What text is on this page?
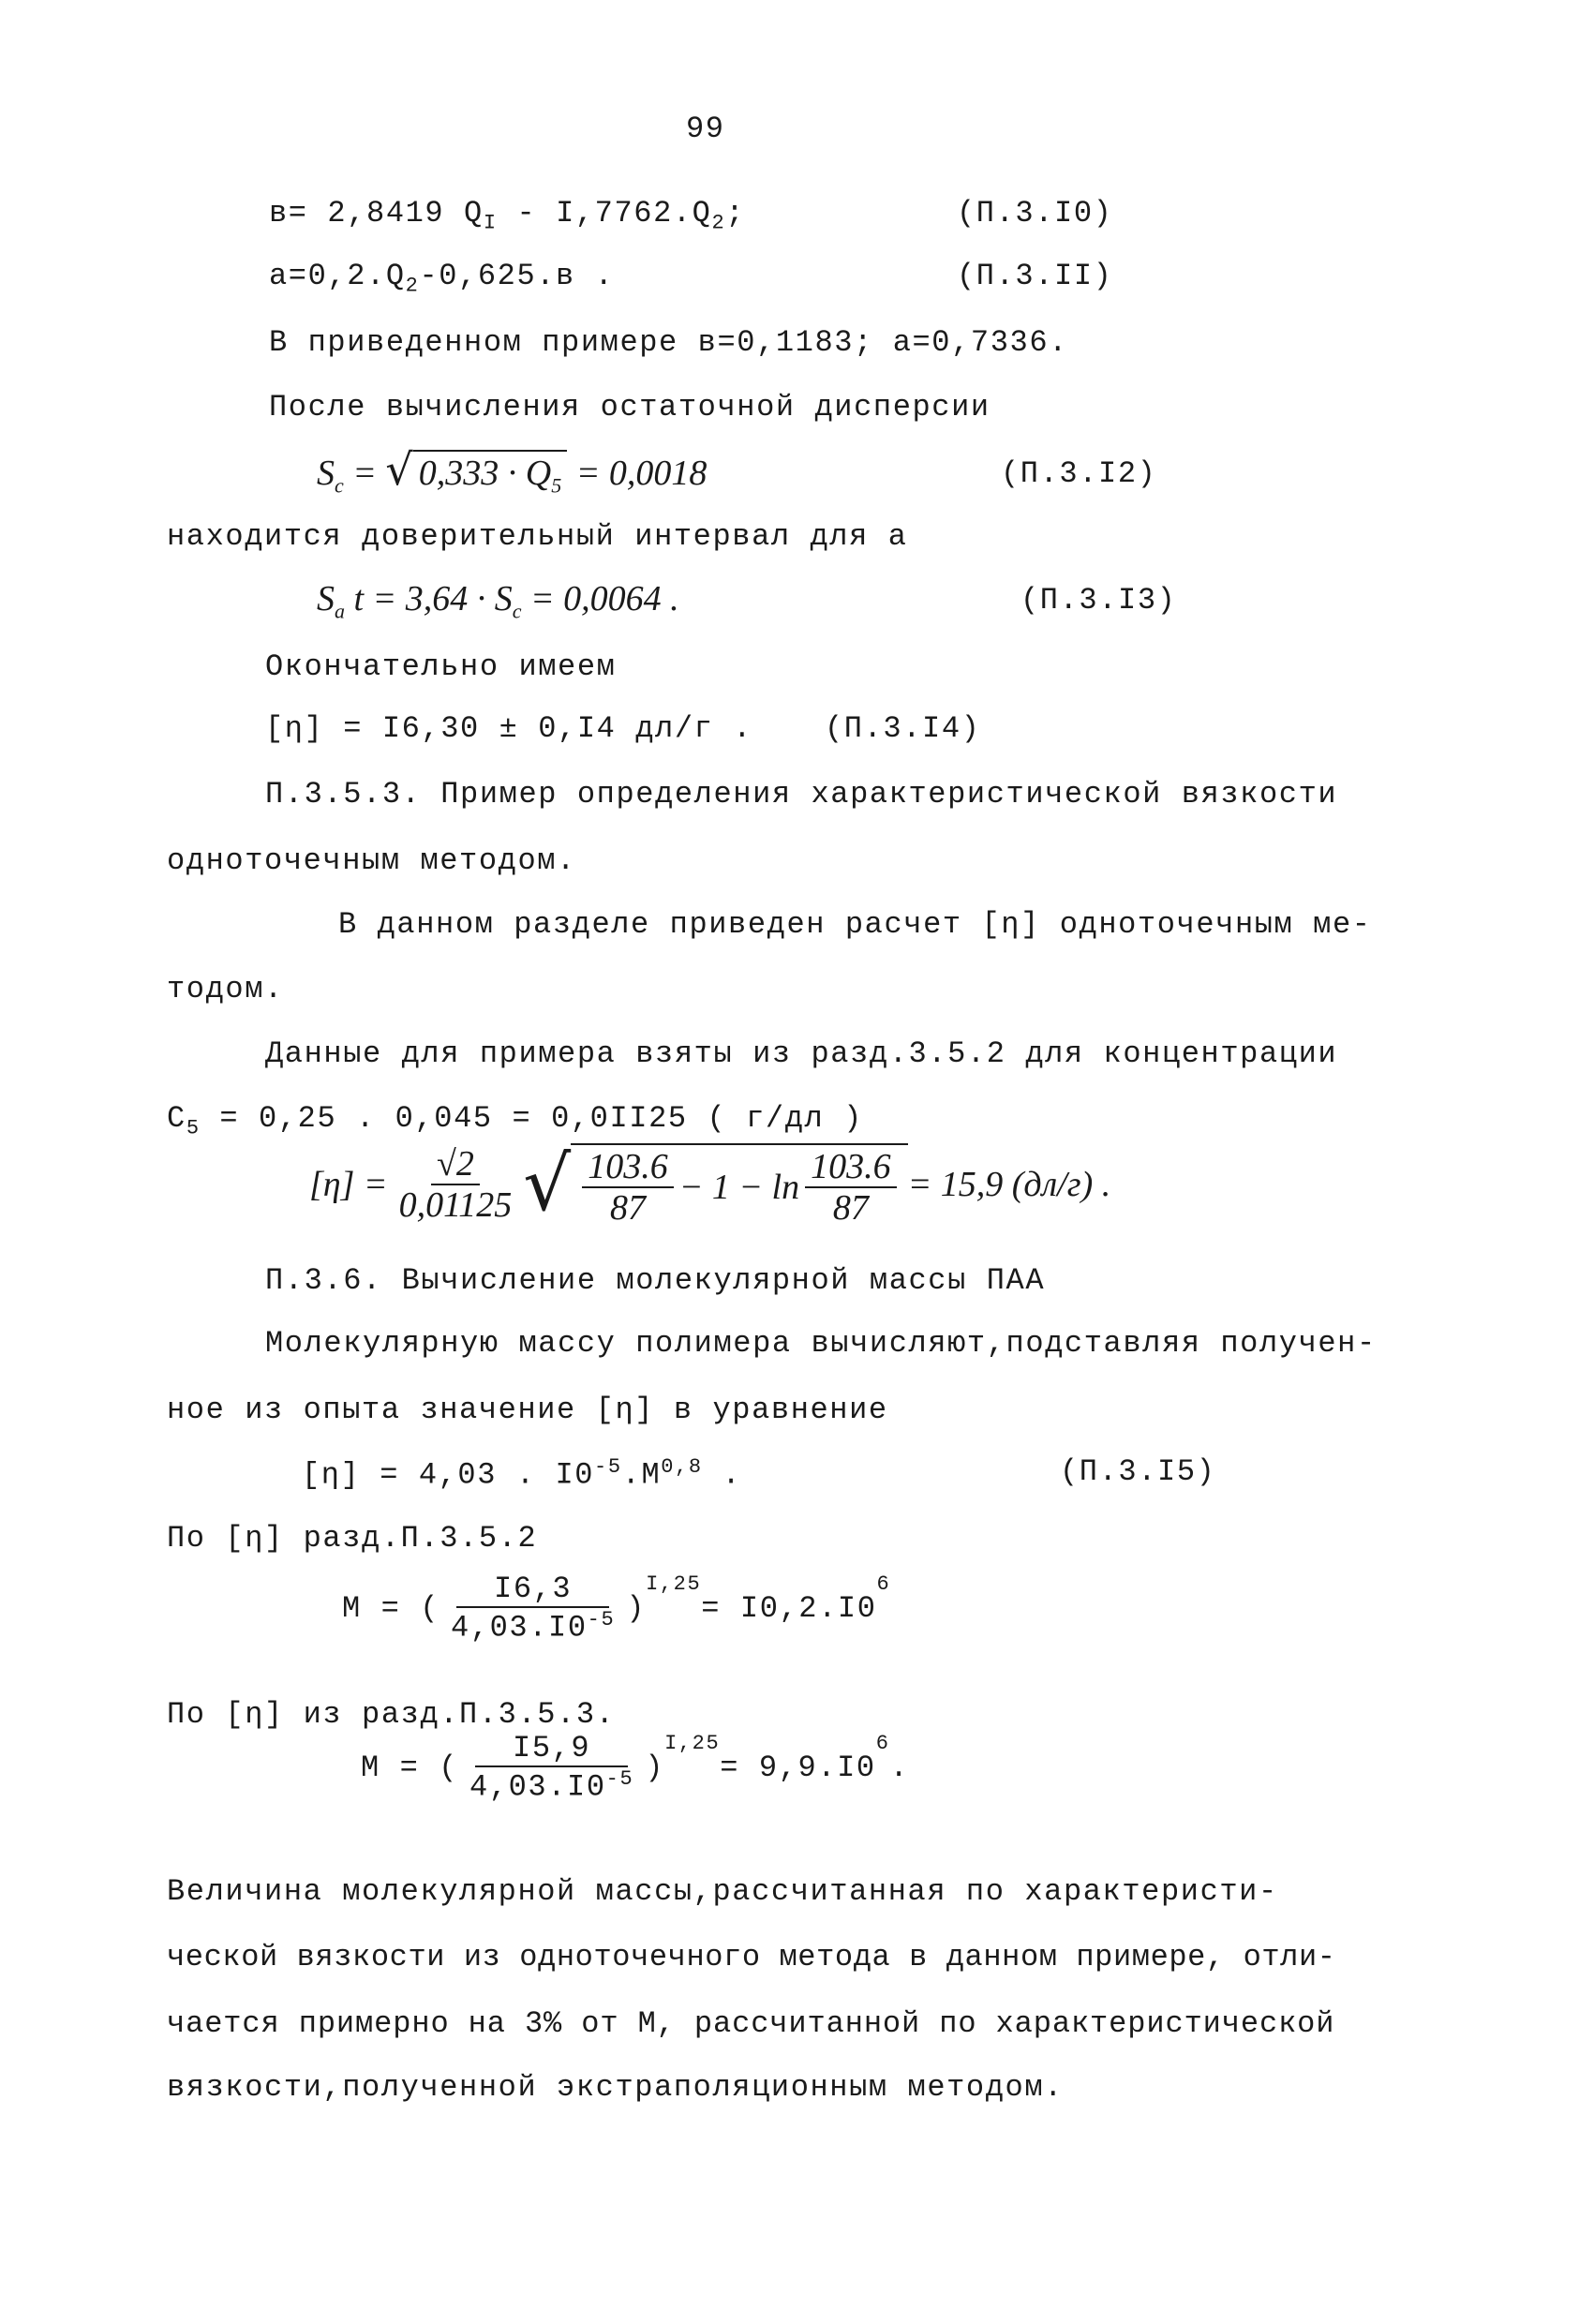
99
в= 2,8419 $Q_I - I,7762.Q_2$;	(П.3.I0)
$а=0,2.Q_2-0,625.в$ .	(П.3.II)
В приведенном примере в=0,1183; а=0,7336.
После вычисления остаточной дисперсии
$S_c$ = √ $0,333 \cdot Q_5 = 0,0018$	(П.3.I2)
находится доверительный интервал для а
$S_a$ $t = 3,64 \cdot S_c = 0,0064$ .	(П.3.I3)
Окончательно имеем
[η] = I6,30 ± 0,I4 дл/г . (П.3.I4)
П.3.5.3. Пример определения характеристической вязкости
одноточечным методом.
В данном разделе приведен расчет [η] одноточечным ме-
тодом.
Данные для примера взяты из разд.3.5.2 для концентрации
$C_5 = 0,25$ . 0,045 = 0,0II25 ( г/дл )
$[\eta] = \frac{√2}{0,01125}$ √ $\frac{103.6}{87} - 1 - \ln \frac{103.6}{87} = 15,9$ (дл/г) .
П.3.6. Вычисление молекулярной массы ПАА
Молекулярную массу полимера вычисляют,подставляя получен-
ное из опыта значение [η] в уравнение
[η] = 4,03 . $I0^{-5}.M^{0,8}$ .	(П.3.I5)
По [η] разд.П.3.5.2
M = ( $\frac{I6,3}{4,03.I0^{-5}}$ )
$^{I,25}$
= I0,2.I0
$^6$
По [η] из разд.П.3.5.3.
M = ( $\frac{I5,9}{4,03.I0^{-5}}$ )
$^{I,25}$
= 9,9.I0
$^6$
.
Величина молекулярной массы,рассчитанная по характеристи-
ческой вязкости из одноточечного метода в данном примере, отли-
чается примерно на 3% от М, рассчитанной по характеристической
вязкости,полученной экстраполяционным методом.
